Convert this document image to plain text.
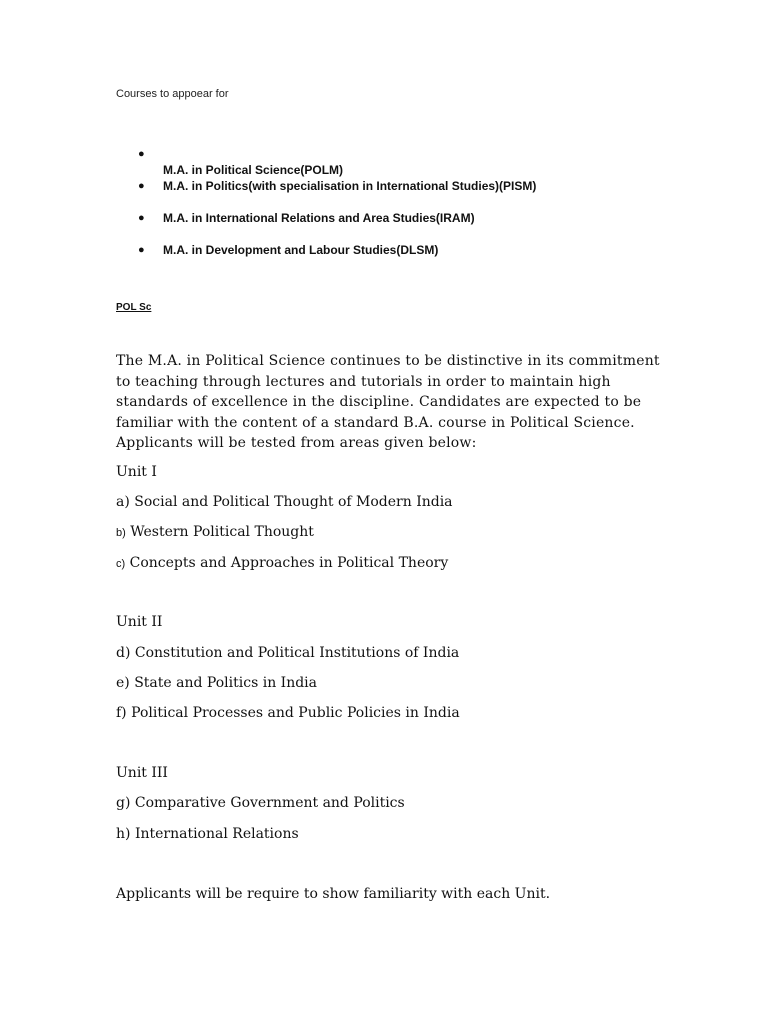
Courses to appoear for
●
M.A. in Political Science(POLM)
● M.A. in Politics(with specialisation in International Studies)(PISM)
● M.A. in International Relations and Area Studies(IRAM)
● M.A. in Development and Labour Studies(DLSM)
POL Sc
The M.A. in Political Science continues to be distinctive in its commitment to teaching through lectures and tutorials in order to maintain high standards of excellence in the discipline. Candidates are expected to be familiar with the content of a standard B.A. course in Political Science. Applicants will be tested from areas given below:
Unit I
a) Social and Political Thought of Modern India
b) Western Political Thought
c) Concepts and Approaches in Political Theory
Unit II
d) Constitution and Political Institutions of India
e) State and Politics in India
f) Political Processes and Public Policies in India
Unit III
g) Comparative Government and Politics
h) International Relations
Applicants will be require to show familiarity with each Unit.
